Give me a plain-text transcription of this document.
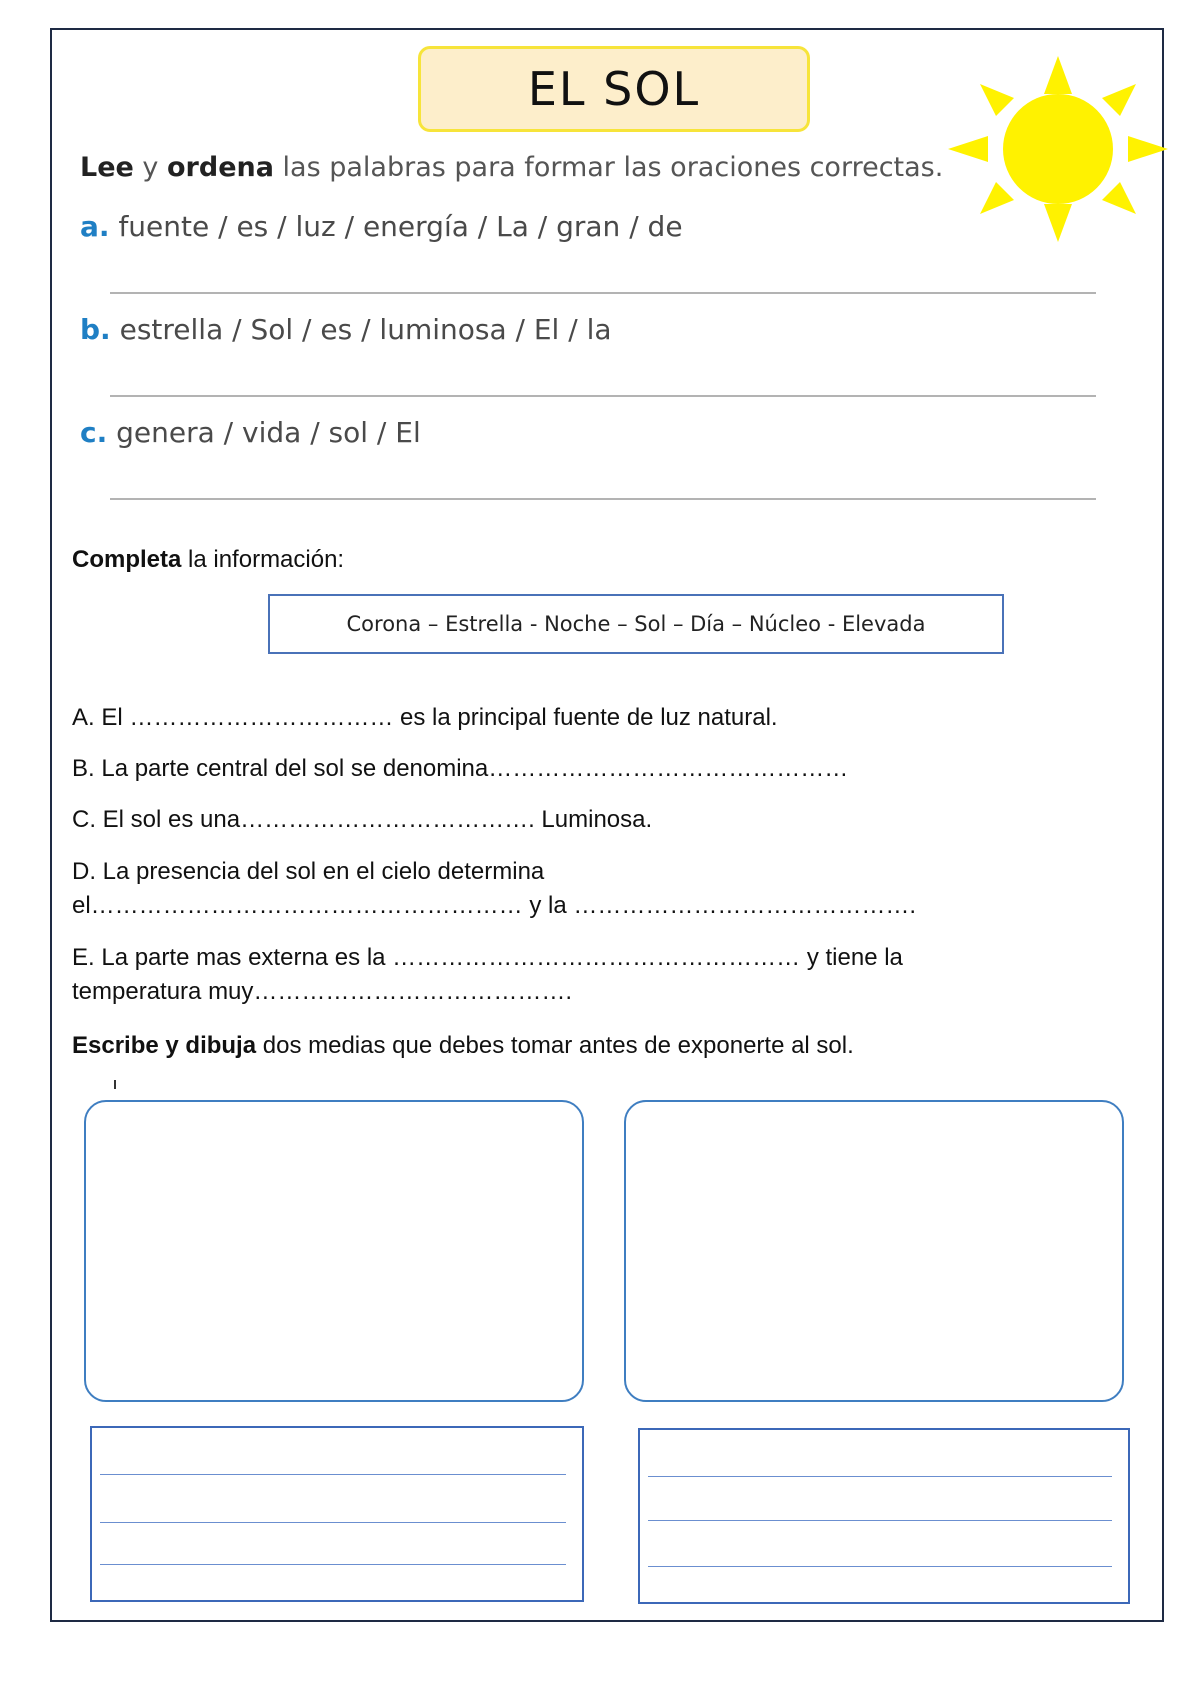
EL SOL
Lee y ordena las palabras para formar las oraciones correctas.
a. fuente / es / luz / energía / La / gran / de
b. estrella / Sol / es / luminosa / El / la
c. genera / vida / sol / El
Completa la información:
Corona – Estrella - Noche – Sol – Día – Núcleo - Elevada
A. El …………………………… es la principal fuente de luz natural.
B. La parte central del sol se denomina………………………………………
C. El sol es una………………………………. Luminosa.
D. La presencia del sol en el cielo determina
el……………………………………………… y la …………………………………….
E. La parte mas externa es la …………………………………………… y tiene la
temperatura muy………………………………….
Escribe y dibuja dos medias que debes tomar antes de exponerte al sol.
